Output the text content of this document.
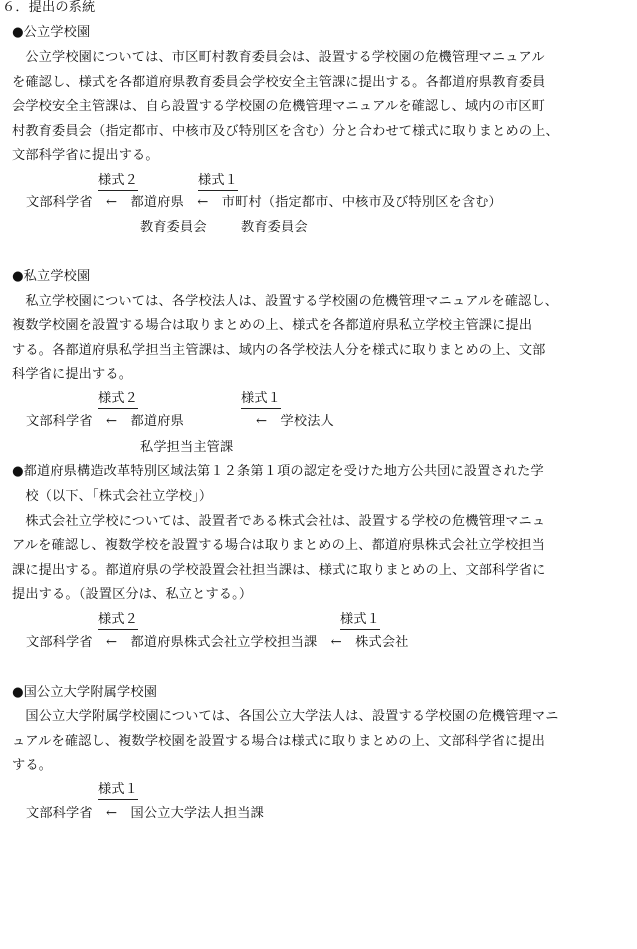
６．提出の系統
●公立学校園
　公立学校園については、市区町村教育委員会は、設置する学校園の危機管理マニュアル
を確認し、様式を各都道府県教育委員会学校安全主管課に提出する。各都道府県教育委員
会学校安全主管課は、自ら設置する学校園の危機管理マニュアルを確認し、域内の市区町
村教育委員会（指定都市、中核市及び特別区を含む）分と合わせて様式に取りまとめの上、
文部科学省に提出する。
様式２	様式１
文部科学省　←　都道府県　←　市町村（指定都市、中核市及び特別区を含む）
教育委員会	教育委員会
●私立学校園
　私立学校園については、各学校法人は、設置する学校園の危機管理マニュアルを確認し、
複数学校園を設置する場合は取りまとめの上、様式を各都道府県私立学校主管課に提出
する。各都道府県私学担当主管課は、域内の各学校法人分を様式に取りまとめの上、文部
科学省に提出する。
様式２	様式１
文部科学省　←　都道府県	←　学校法人
私学担当主管課
●都道府県構造改革特別区域法第１２条第１項の認定を受けた地方公共団に設置された学
　校（以下、「株式会社立学校」）
　株式会社立学校については、設置者である株式会社は、設置する学校の危機管理マニュ
アルを確認し、複数学校を設置する場合は取りまとめの上、都道府県株式会社立学校担当
課に提出する。都道府県の学校設置会社担当課は、様式に取りまとめの上、文部科学省に
提出する。（設置区分は、私立とする。）
様式２	様式１
文部科学省　←　都道府県株式会社立学校担当課　←　株式会社
●国公立大学附属学校園
　国公立大学附属学校園については、各国公立大学法人は、設置する学校園の危機管理マニ
ュアルを確認し、複数学校園を設置する場合は様式に取りまとめの上、文部科学省に提出
する。
様式１
文部科学省　←　国公立大学法人担当課
